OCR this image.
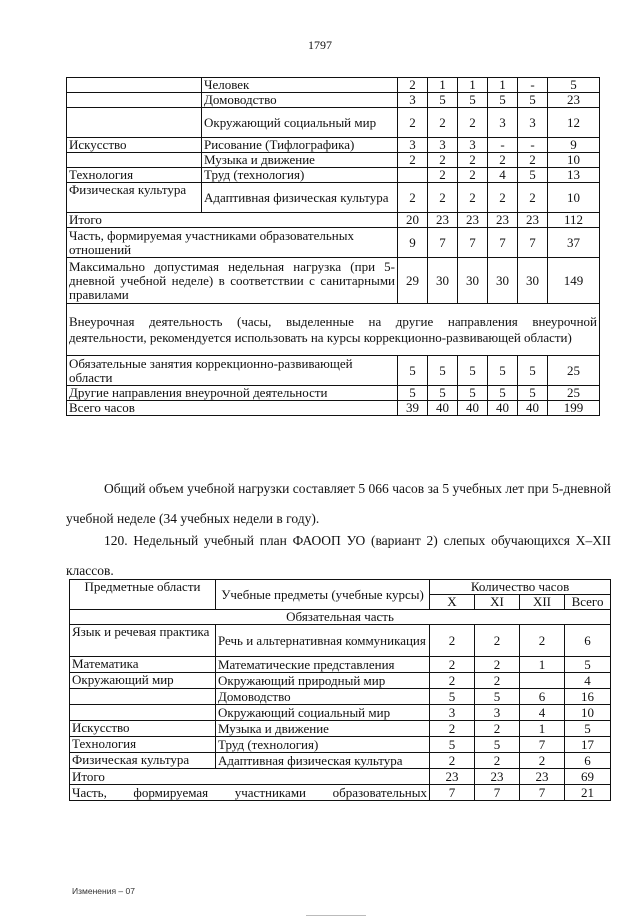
1797
	Человек	2	1	1	1	-	5
	Домоводство	3	5	5	5	5	23
	Окружающий социальный мир	2	2	2	3	3	12
Искусство	Рисование (Тифлографика)	3	3	3	-	-	9
	Музыка и движение	2	2	2	2	2	10
Технология	Труд (технология)		2	2	4	5	13
Физическая культура	Адаптивная физическая культура	2	2	2	2	2	10
Итого		20	23	23	23	23	112
Часть, формируемая участниками образовательных отношений		9	7	7	7	7	37
Максимально допустимая недельная нагрузка (при 5-дневной учебной неделе) в соответствии с санитарными правилами		29	30	30	30	30	149
Внеурочная деятельность (часы, выделенные на другие направления внеурочной деятельности, рекомендуется использовать на курсы коррекционно-развивающей области)							
Обязательные занятия коррекционно-развивающей области		5	5	5	5	5	25
Другие направления внеурочной деятельности		5	5	5	5	5	25
Всего часов		39	40	40	40	40	199
Общий объем учебной нагрузки составляет 5 066 часов за 5 учебных лет при 5-дневной учебной неделе (34 учебных недели в году).
120. Недельный учебный план ФАООП УО (вариант 2) слепых обучающихся X–XII классов.
Предметные области	Учебные предметы (учебные курсы)	Количество часов			
		X	XI	XII	Всего
Обязательная часть					
Язык и речевая практика	Речь и альтернативная коммуникация	2	2	2	6
Математика	Математические представления	2	2	1	5
Окружающий мир	Окружающий природный мир	2	2		4
	Домоводство	5	5	6	16
	Окружающий социальный мир	3	3	4	10
Искусство	Музыка и движение	2	2	1	5
Технология	Труд (технология)	5	5	7	17
Физическая культура	Адаптивная физическая культура	2	2	2	6
Итого		23	23	23	69
Часть, формируемая участниками образовательных		7	7	7	21
Изменения – 07
